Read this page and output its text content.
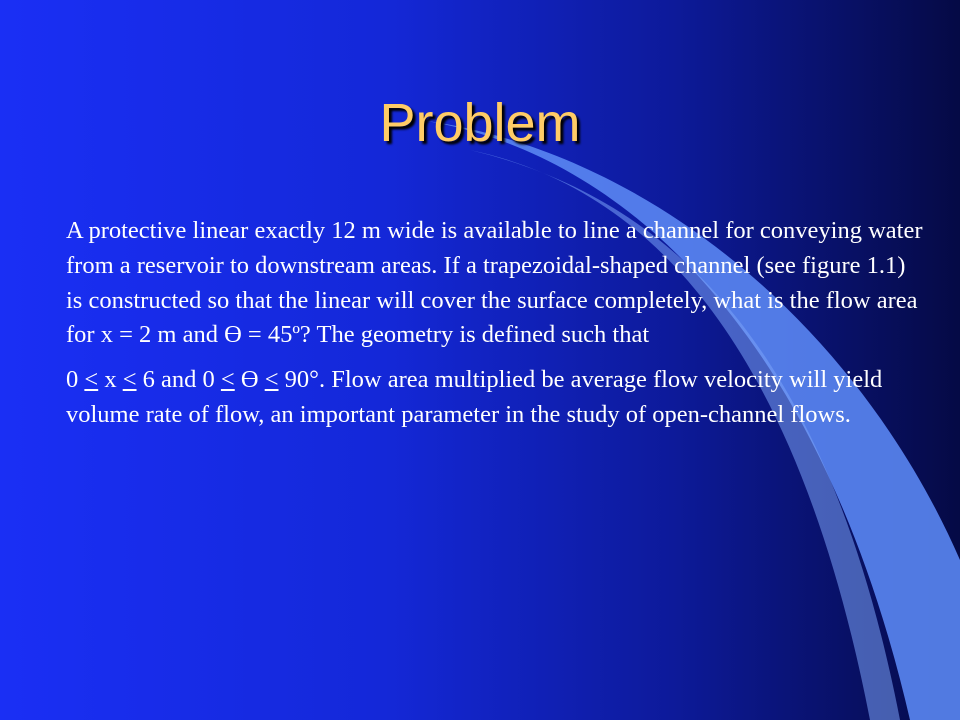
Problem

A protective linear exactly 12 m wide is available to line a channel for conveying water from a reservoir to downstream areas. If a trapezoidal-shaped channel (see figure 1.1) is constructed so that the linear will cover the surface completely, what is the flow area for x = 2 m and Ө = 45º? The geometry is defined such that

0 ≤ x ≤ 6 and 0 ≤ Ө ≤ 90°. Flow area multiplied be average flow velocity will yield volume rate of flow, an important parameter in the study of open-channel flows.
